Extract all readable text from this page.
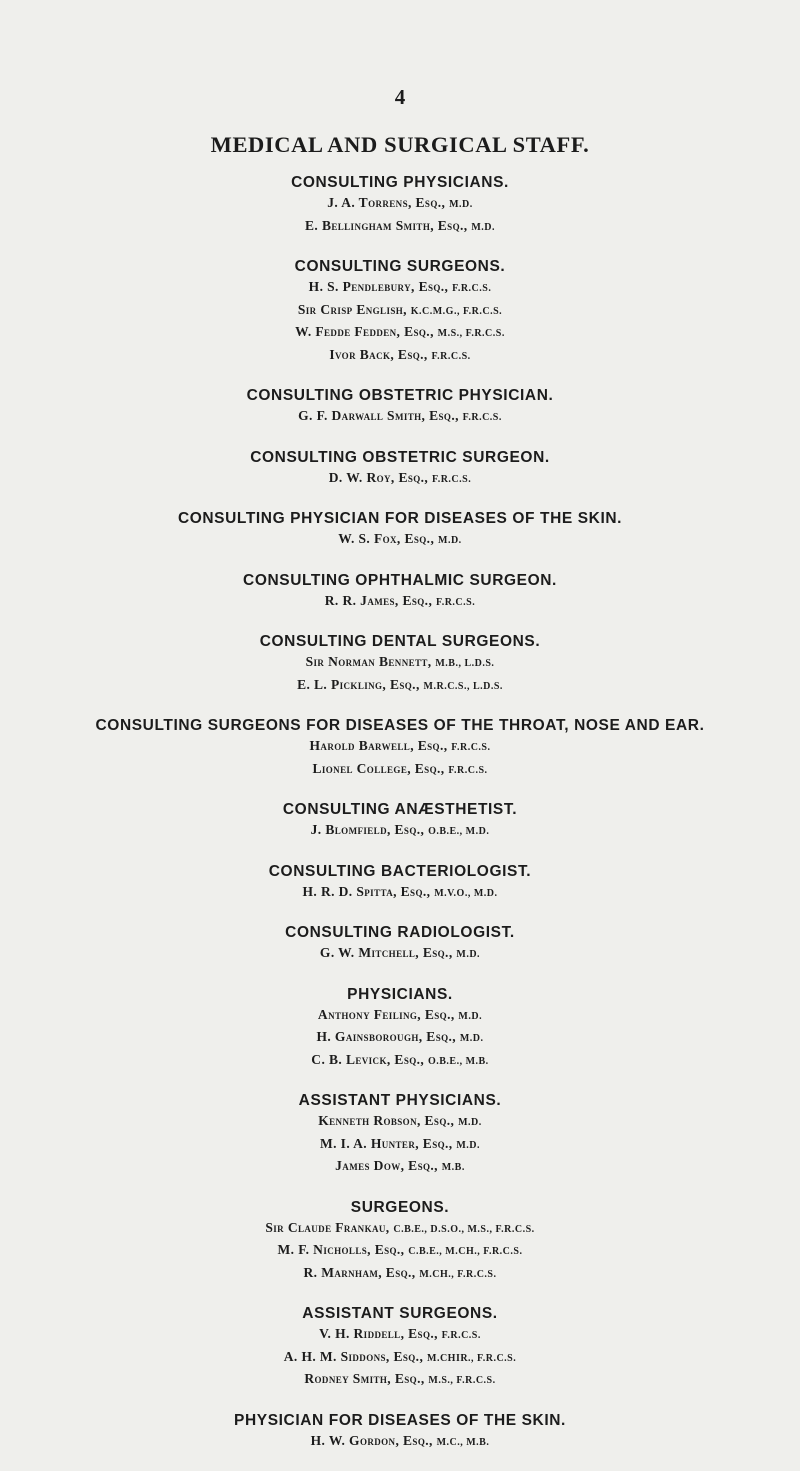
4
MEDICAL AND SURGICAL STAFF.
CONSULTING PHYSICIANS.
J. A. Torrens, Esq., M.D.
E. Bellingham Smith, Esq., M.D.
CONSULTING SURGEONS.
H. S. Pendlebury, Esq., F.R.C.S.
Sir Crisp English, K.C.M.G., F.R.C.S.
W. Fedde Fedden, Esq., M.S., F.R.C.S.
Ivor Back, Esq., F.R.C.S.
CONSULTING OBSTETRIC PHYSICIAN.
G. F. Darwall Smith, Esq., F.R.C.S.
CONSULTING OBSTETRIC SURGEON.
D. W. Roy, Esq., F.R.C.S.
CONSULTING PHYSICIAN FOR DISEASES OF THE SKIN.
W. S. Fox, Esq., M.D.
CONSULTING OPHTHALMIC SURGEON.
R. R. James, Esq., F.R.C.S.
CONSULTING DENTAL SURGEONS.
Sir Norman Bennett, M.B., L.D.S.
E. L. Pickling, Esq., M.R.C.S., L.D.S.
CONSULTING SURGEONS FOR DISEASES OF THE THROAT, NOSE AND EAR.
Harold Barwell, Esq., F.R.C.S.
Lionel College, Esq., F.R.C.S.
CONSULTING ANÆSTHETIST.
J. Blomfield, Esq., O.B.E., M.D.
CONSULTING BACTERIOLOGIST.
H. R. D. Spitta, Esq., M.V.O., M.D.
CONSULTING RADIOLOGIST.
G. W. Mitchell, Esq., M.D.
PHYSICIANS.
Anthony Feiling, Esq., M.D.
H. Gainsborough, Esq., M.D.
C. B. Levick, Esq., O.B.E., M.B.
ASSISTANT PHYSICIANS.
Kenneth Robson, Esq., M.D.
M. I. A. Hunter, Esq., M.D.
James Dow, Esq., M.B.
SURGEONS.
Sir Claude Frankau, C.B.E., D.S.O., M.S., F.R.C.S.
M. F. Nicholls, Esq., C.B.E., M.CH., F.R.C.S.
R. Marnham, Esq., M.CH., F.R.C.S.
ASSISTANT SURGEONS.
V. H. Riddell, Esq., F.R.C.S.
A. H. M. Siddons, Esq., M.CHIR., F.R.C.S.
Rodney Smith, Esq., M.S., F.R.C.S.
PHYSICIAN FOR DISEASES OF THE SKIN.
H. W. Gordon, Esq., M.C., M.B.
